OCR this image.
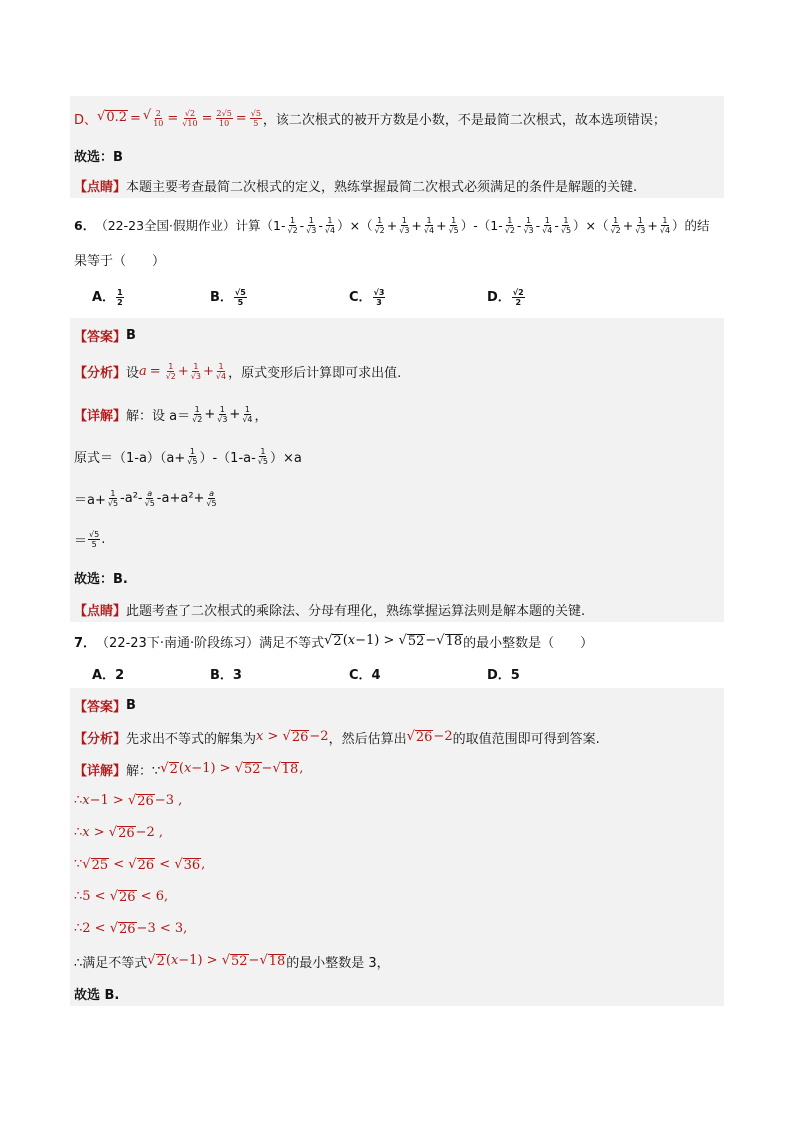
D、 √ 0.2 = √ $\frac{2}{10} = \frac{√2}{√10} = \frac{2√5}{10} = \frac{√5}{5}$ ，该二次根式的被开方数是小数，不是最简二次根式，故本选项错误；
故选：B
【点睛】 本题主要考查最简二次根式的定义，熟练掌握最简二次根式必须满足的条件是解题的关键.
6． （22-23全国·假期作业） 计算（$1- \frac{1}{√2} - \frac{1}{√3} - \frac{1}{√4}$ ）×（ $\frac{1}{√2} + \frac{1}{√3} + \frac{1}{√4} + \frac{1}{√5} )-(1- \frac{1}{√2} - \frac{1}{√3} - \frac{1}{√4} - \frac{1}{√5}$ ）×（ $\frac{1}{√2} + \frac{1}{√3} + \frac{1}{√4}$ ）的结
果等于（　　）
A． $\frac{1}{2}$	B． $\frac{√5}{5}$	C． $\frac{√3}{3}$	D． $\frac{√2}{2}$
【答案】 B
【分析】 设 $a = \frac{1}{√2} + \frac{1}{√3} + \frac{1}{√4}$ ，原式变形后计算即可求出值.
【详解】 解：设 $a= \frac{1}{√2} + \frac{1}{√3} + \frac{1}{√4}$ ，
原式$=(1-a)(a+ \frac{1}{√5} )-(1-a- \frac{1}{√5} )\times a$
$=a+ \frac{1}{√5} -a^2- \frac{a}{√5} -a+a^2+ \frac{a}{√5}$
＝ $\frac{√5}{5}$ .
故选：B.
【点睛】 此题考查了二次根式的乘除法、分母有理化，熟练掌握运算法则是解本题的关键.
7． （22-23下·南通·阶段练习） 满足不等式 √ 2 (x−1) > √ 52 − √ 18 的最小整数是（　　）
A．2	B．3	C．4	D．5
【答案】 B
【分析】 先求出不等式的解集为 x > √ 26 −2 ，然后估算出 √ 26 −2 的取值范围即可得到答案.
【详解】 解：∵ √ 2 (x−1) > √ 52 − √ 18 ,
∴x−1 > √ 26 −3 ,
∴x > √ 26 −2 ,
∵ √ 25 < √ 26 < √ 36 ,
∴5 < √ 26 < 6,
∴2 < √ 26 −3 < 3,
∴满足不等式 √ 2 (x−1) > √ 52 − √ 18 的最小整数是 3，
故选 B.
